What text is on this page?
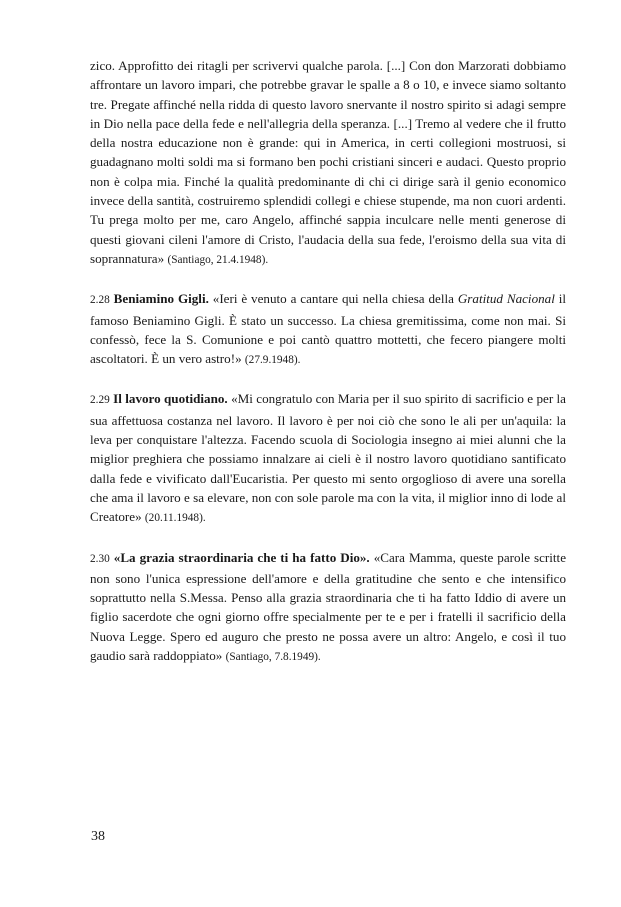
zico. Approfitto dei ritagli per scrivervi qualche parola. [...] Con don Marzorati dobbiamo affrontare un lavoro impari, che potrebbe gravar le spalle a 8 o 10, e invece siamo soltanto tre. Pregate affinché nella ridda di questo lavoro snervante il nostro spirito si adagi sempre in Dio nella pace della fede e nell'allegria della speranza. [...] Tremo al vedere che il frutto della nostra educazione non è grande: qui in America, in certi collegioni mostruosi, si guadagnano molti soldi ma si formano ben pochi cristiani sinceri e audaci. Questo proprio non è colpa mia. Finché la qualità predominante di chi ci dirige sarà il genio economico invece della santità, costruiremo splendidi collegi e chiese stupende, ma non cuori ardenti. Tu prega molto per me, caro Angelo, affinché sappia inculcare nelle menti generose di questi giovani cileni l'amore di Cristo, l'audacia della sua fede, l'eroismo della sua vita di soprannatura» (Santiago, 21.4.1948).

2.28 Beniamino Gigli. «Ieri è venuto a cantare qui nella chiesa della Gratitud Nacional il famoso Beniamino Gigli. È stato un successo. La chiesa gremitissima, come non mai. Si confessò, fece la S. Comunione e poi cantò quattro mottetti, che fecero piangere molti ascoltatori. È un vero astro!» (27.9.1948).

2.29 Il lavoro quotidiano. «Mi congratulo con Maria per il suo spirito di sacrificio e per la sua affettuosa costanza nel lavoro. Il lavoro è per noi ciò che sono le ali per un'aquila: la leva per conquistare l'altezza. Facendo scuola di Sociologia insegno ai miei alunni che la miglior preghiera che possiamo innalzare ai cieli è il nostro lavoro quotidiano santificato dalla fede e vivificato dall'Eucaristia. Per questo mi sento orgoglioso di avere una sorella che ama il lavoro e sa elevare, non con sole parole ma con la vita, il miglior inno di lode al Creatore» (20.11.1948).

2.30 «La grazia straordinaria che ti ha fatto Dio». «Cara Mamma, queste parole scritte non sono l'unica espressione dell'amore e della gratitudine che sento e che intensifico soprattutto nella S.Messa. Penso alla grazia straordinaria che ti ha fatto Iddio di avere un figlio sacerdote che ogni giorno offre specialmente per te e per i fratelli il sacrificio della Nuova Legge. Spero ed auguro che presto ne possa avere un altro: Angelo, e così il tuo gaudio sarà raddoppiato» (Santiago, 7.8.1949).

38
